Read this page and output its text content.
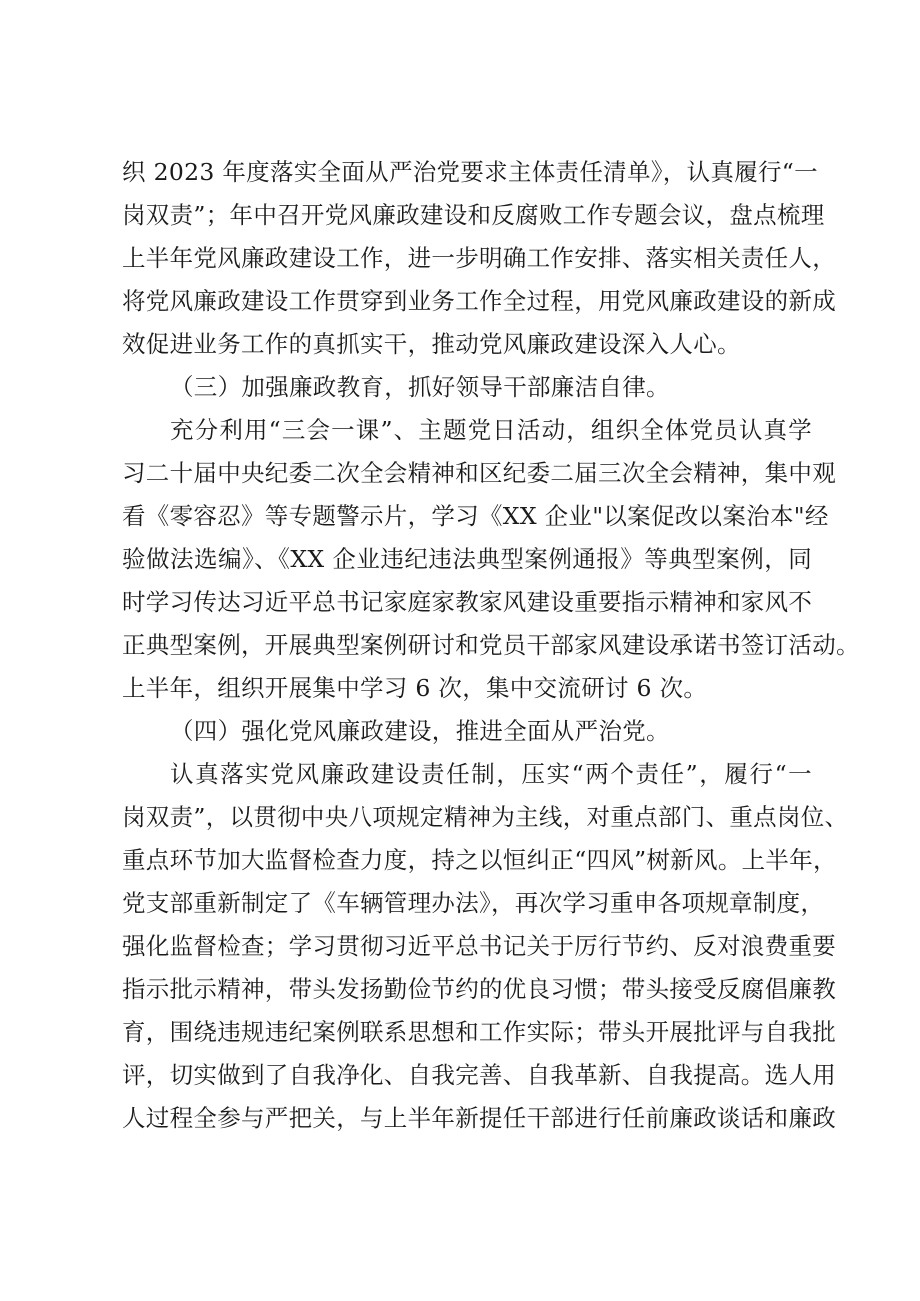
织 2023 年度落实全面从严治党要求主体责任清单》，认真履行“一
岗双责”；年中召开党风廉政建设和反腐败工作专题会议，盘点梳理
上半年党风廉政建设工作，进一步明确工作安排、落实相关责任人，
将党风廉政建设工作贯穿到业务工作全过程，用党风廉政建设的新成
效促进业务工作的真抓实干，推动党风廉政建设深入人心。
（三）加强廉政教育，抓好领导干部廉洁自律。
充分利用“三会一课”、主题党日活动，组织全体党员认真学
习二十届中央纪委二次全会精神和区纪委二届三次全会精神，集中观
看《零容忍》等专题警示片，学习《XX 企业"以案促改以案治本"经
验做法选编》、《XX 企业违纪违法典型案例通报》等典型案例，同
时学习传达习近平总书记家庭家教家风建设重要指示精神和家风不
正典型案例，开展典型案例研讨和党员干部家风建设承诺书签订活动。
上半年，组织开展集中学习 6 次，集中交流研讨 6 次。
（四）强化党风廉政建设，推进全面从严治党。
认真落实党风廉政建设责任制，压实“两个责任”，履行“一
岗双责”，以贯彻中央八项规定精神为主线，对重点部门、重点岗位、
重点环节加大监督检查力度，持之以恒纠正“四风”树新风。上半年，
党支部重新制定了《车辆管理办法》，再次学习重申各项规章制度，
强化监督检查；学习贯彻习近平总书记关于厉行节约、反对浪费重要
指示批示精神，带头发扬勤俭节约的优良习惯；带头接受反腐倡廉教
育，围绕违规违纪案例联系思想和工作实际；带头开展批评与自我批
评，切实做到了自我净化、自我完善、自我革新、自我提高。选人用
人过程全参与严把关，与上半年新提任干部进行任前廉政谈话和廉政
